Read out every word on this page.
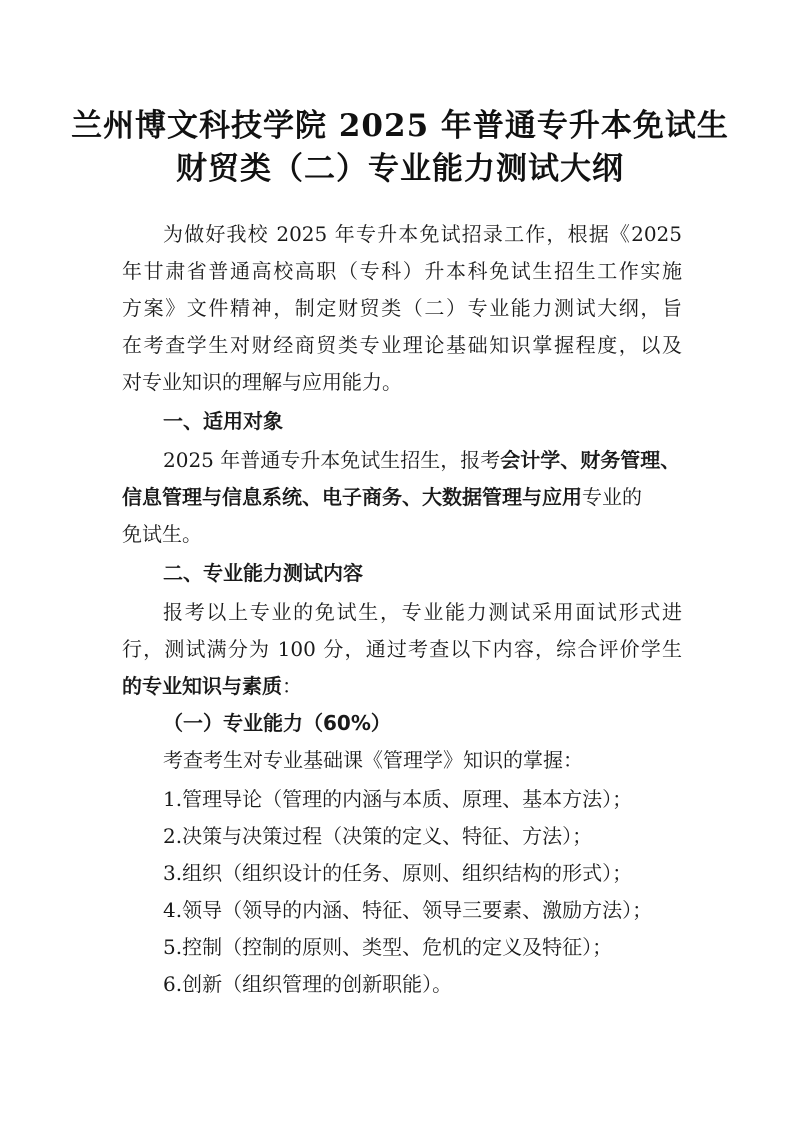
兰州博文科技学院 2025 年普通专升本免试生
财贸类（二）专业能力测试大纲
为做好我校 2025 年专升本免试招录工作，根据《2025
年甘肃省普通高校高职（专科）升本科免试生招生工作实施
方案》文件精神，制定财贸类（二）专业能力测试大纲，旨
在考查学生对财经商贸类专业理论基础知识掌握程度，以及
对专业知识的理解与应用能力。
一、适用对象
2025 年普通专升本免试生招生，报考会计学、财务管理、
信息管理与信息系统、电子商务、大数据管理与应用专业的
免试生。
二、专业能力测试内容
报考以上专业的免试生，专业能力测试采用面试形式进
行，测试满分为 100 分，通过考查以下内容，综合评价学生
的专业知识与素质：
（一）专业能力（60%）
考查考生对专业基础课《管理学》知识的掌握：
1.管理导论（管理的内涵与本质、原理、基本方法）；
2.决策与决策过程（决策的定义、特征、方法）；
3.组织（组织设计的任务、原则、组织结构的形式）；
4.领导（领导的内涵、特征、领导三要素、激励方法）；
5.控制（控制的原则、类型、危机的定义及特征）；
6.创新（组织管理的创新职能）。
